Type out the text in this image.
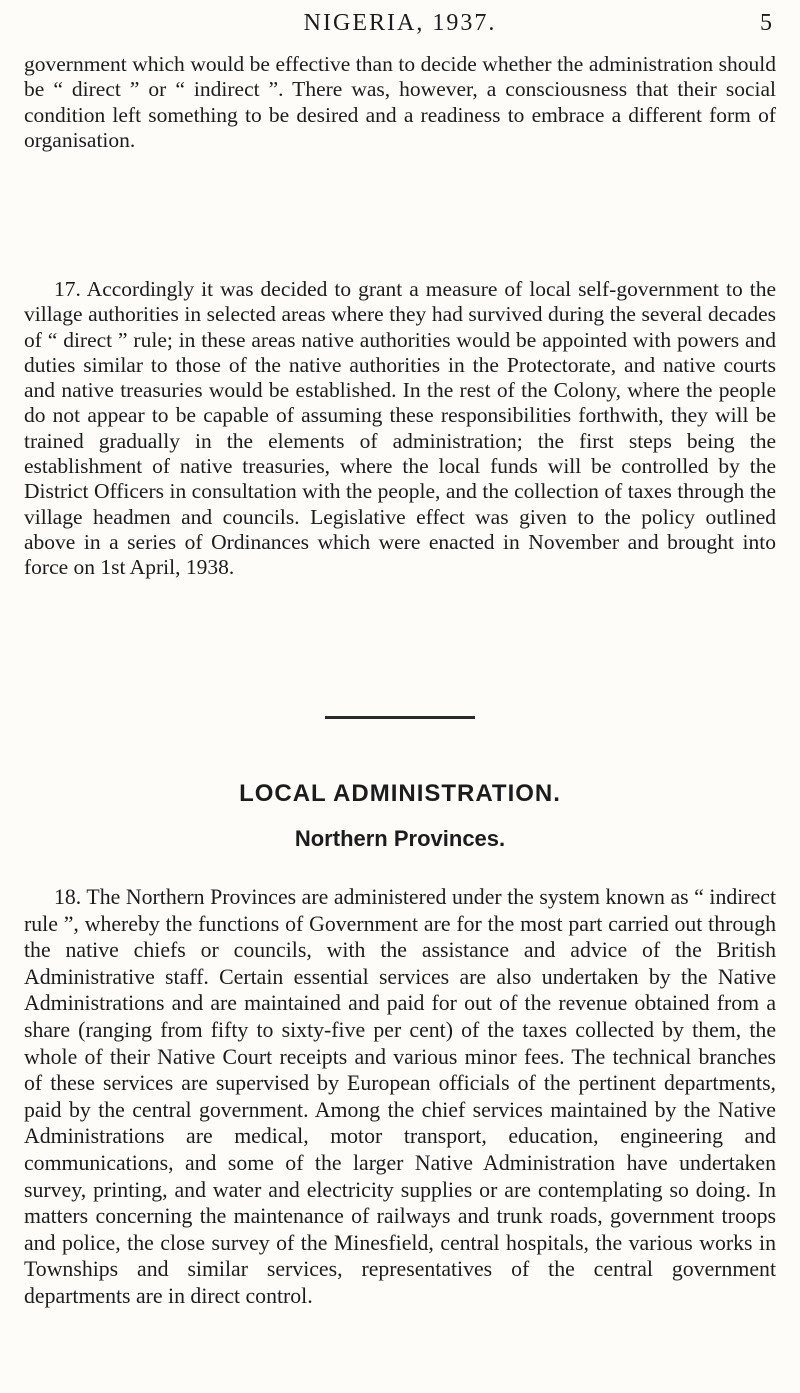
NIGERIA, 1937.	5

government which would be effective than to decide whether the administration should be “ direct ” or “ indirect ”. There was, however, a consciousness that their social condition left something to be desired and a readiness to embrace a different form of organisation.

17. Accordingly it was decided to grant a measure of local self-government to the village authorities in selected areas where they had survived during the several decades of “ direct ” rule; in these areas native authorities would be appointed with powers and duties similar to those of the native authorities in the Protectorate, and native courts and native treasuries would be established. In the rest of the Colony, where the people do not appear to be capable of assuming these responsibilities forthwith, they will be trained gradually in the elements of administration; the first steps being the establishment of native treasuries, where the local funds will be controlled by the District Officers in consultation with the people, and the collection of taxes through the village headmen and councils. Legislative effect was given to the policy outlined above in a series of Ordinances which were enacted in November and brought into force on 1st April, 1938.

LOCAL ADMINISTRATION.
Northern Provinces.

18. The Northern Provinces are administered under the system known as “ indirect rule ”, whereby the functions of Government are for the most part carried out through the native chiefs or councils, with the assistance and advice of the British Administrative staff. Certain essential services are also undertaken by the Native Administrations and are maintained and paid for out of the revenue obtained from a share (ranging from fifty to sixty-five per cent) of the taxes collected by them, the whole of their Native Court receipts and various minor fees. The technical branches of these services are supervised by European officials of the pertinent departments, paid by the central government. Among the chief services maintained by the Native Administrations are medical, motor transport, education, engineering and communications, and some of the larger Native Administration have undertaken survey, printing, and water and electricity supplies or are contemplating so doing. In matters concerning the maintenance of railways and trunk roads, government troops and police, the close survey of the Minesfield, central hospitals, the various works in Townships and similar services, representatives of the central government departments are in direct control.
